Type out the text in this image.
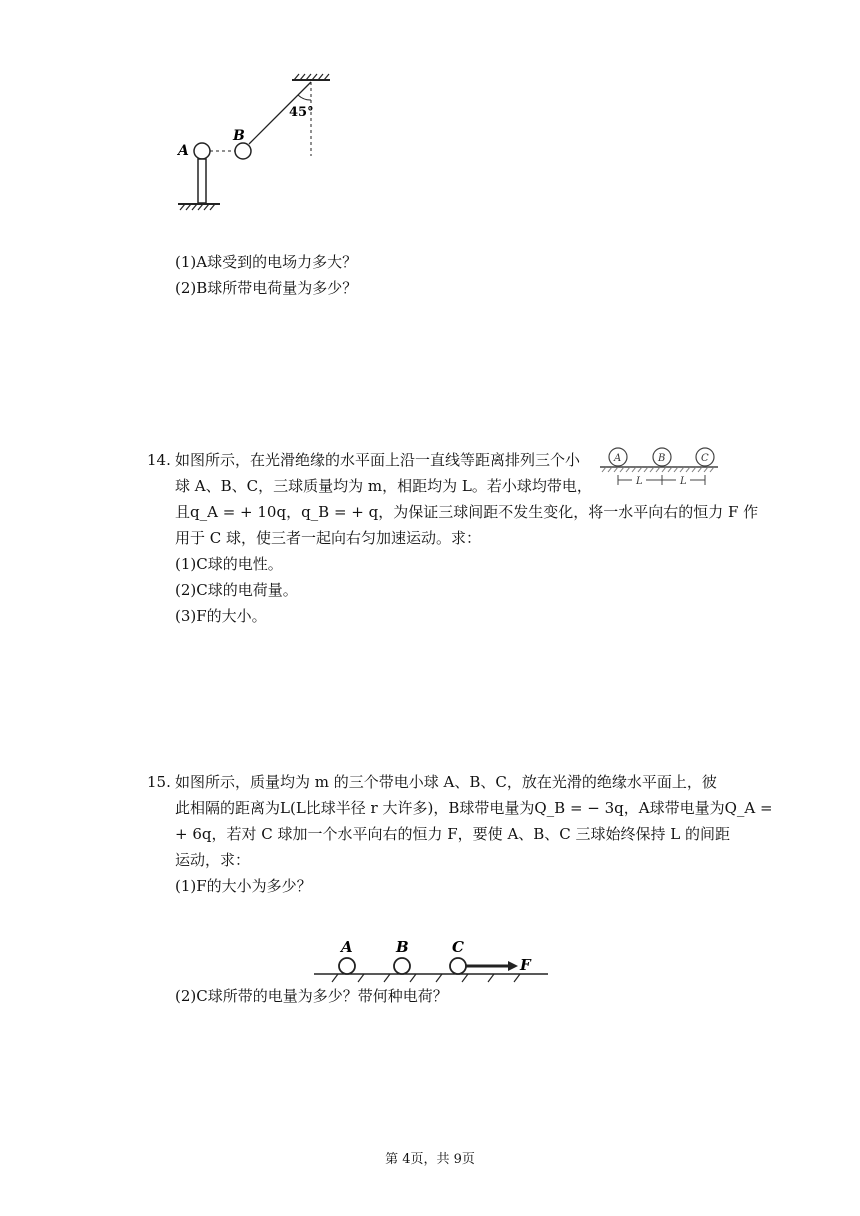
A
B
45°
(1)A球受到的电场力多大？
(2)B球所带电荷量为多少？
14. 如图所示，在光滑绝缘的水平面上沿一直线等距离排列三个小
球 A、B、C，三球质量均为 m，相距均为 L。若小球均带电，
且q_A = + 10q，q_B = + q，为保证三球间距不发生变化，将一水平向右的恒力 F 作
用于 C 球，使三者一起向右匀加速运动。求：
(1)C球的电性。
(2)C球的电荷量。
(3)F的大小。
A	B	C
L	L
15. 如图所示，质量均为 m 的三个带电小球 A、B、C，放在光滑的绝缘水平面上，彼
此相隔的距离为L(L比球半径 r 大许多)，B球带电量为Q_B = − 3q，A球带电量为Q_A =
+ 6q，若对 C 球加一个水平向右的恒力 F，要使 A、B、C 三球始终保持 L 的间距
运动，求：
(1)F的大小为多少？
A	B	C
F
(2)C球所带的电量为多少？带何种电荷？
第 4页，共 9页
